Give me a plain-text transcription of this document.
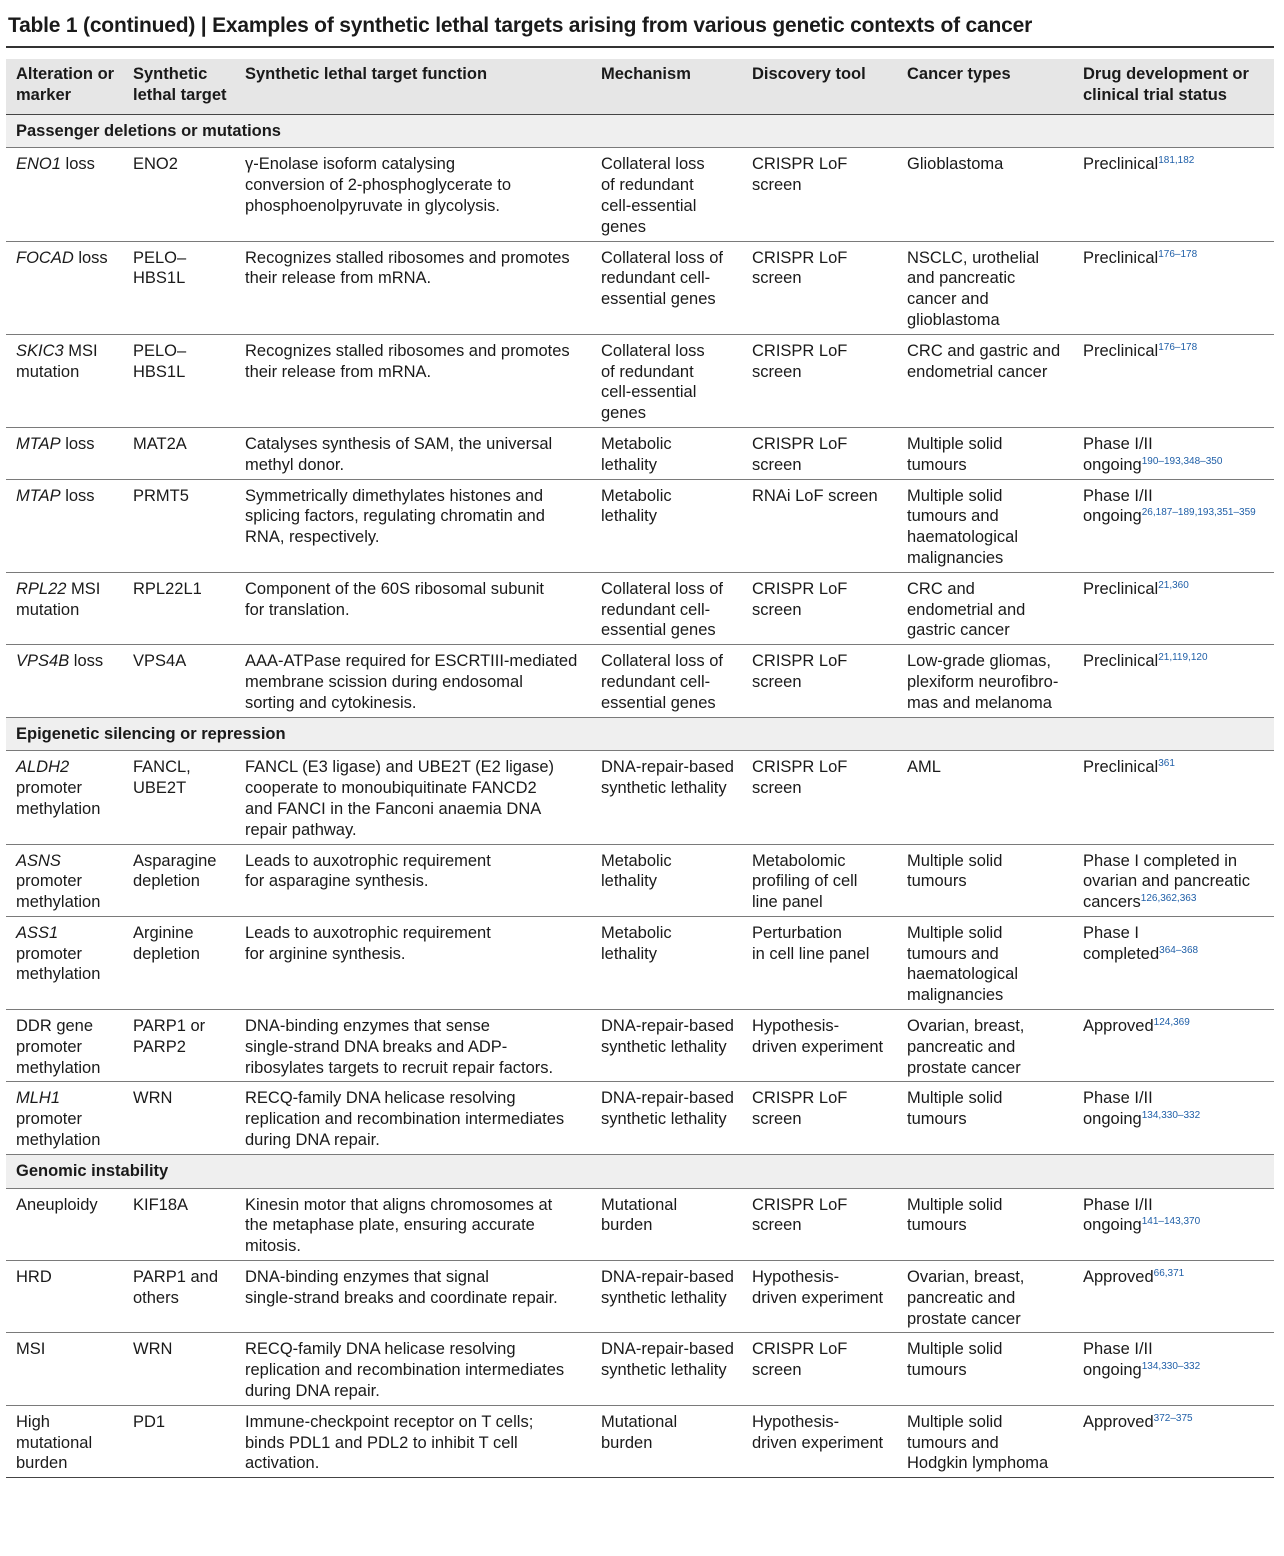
Table 1 (continued) | Examples of synthetic lethal targets arising from various genetic contexts of cancer
Alteration or
marker	Synthetic
lethal target	Synthetic lethal target function	Mechanism	Discovery tool	Cancer types	Drug development or
clinical trial status
Passenger deletions or mutations						
ENO1 loss	ENO2	γ-Enolase isoform catalysing
conversion of 2-phosphoglycerate to
phosphoenolpyruvate in glycolysis.	Collateral loss
of redundant
cell-essential
genes	CRISPR LoF
screen	Glioblastoma	Preclinical$^{181,182}$
FOCAD loss	PELO–HBS1L	Recognizes stalled ribosomes and promotes
their release from mRNA.	Collateral loss of
redundant cell-
essential genes	CRISPR LoF
screen	NSCLC, urothelial
and pancreatic
cancer and
glioblastoma	Preclinical$^{176-178}$
SKIC3 MSI
mutation	PELO–HBS1L	Recognizes stalled ribosomes and promotes
their release from mRNA.	Collateral loss
of redundant
cell-essential
genes	CRISPR LoF
screen	CRC and gastric and
endometrial cancer	Preclinical$^{176-178}$
MTAP loss	MAT2A	Catalyses synthesis of SAM, the universal
methyl donor.	Metabolic
lethality	CRISPR LoF
screen	Multiple solid
tumours	Phase I/II
ongoing$^{190-193,348-350}$
MTAP loss	PRMT5	Symmetrically dimethylates histones and
splicing factors, regulating chromatin and
RNA, respectively.	Metabolic
lethality	RNAi LoF screen	Multiple solid
tumours and
haematological
malignancies	Phase I/II
ongoing$^{26,187-189,193,351-359}$
RPL22 MSI
mutation	RPL22L1	Component of the 60S ribosomal subunit
for translation.	Collateral loss of
redundant cell-
essential genes	CRISPR LoF
screen	CRC and
endometrial and
gastric cancer	Preclinical$^{21,360}$
VPS4B loss	VPS4A	AAA-ATPase required for ESCRTIII-mediated
membrane scission during endosomal
sorting and cytokinesis.	Collateral loss of
redundant cell-
essential genes	CRISPR LoF
screen	Low-grade gliomas,
plexiform neurofibro-
mas and melanoma	Preclinical$^{21,119,120}$
Epigenetic silencing or repression						
ALDH2
promoter
methylation	FANCL,
UBE2T	FANCL (E3 ligase) and UBE2T (E2 ligase)
cooperate to monoubiquitinate FANCD2
and FANCI in the Fanconi anaemia DNA
repair pathway.	DNA-repair-based
synthetic lethality	CRISPR LoF
screen	AML	Preclinical$^{361}$
ASNS
promoter
methylation	Asparagine
depletion	Leads to auxotrophic requirement
for asparagine synthesis.	Metabolic
lethality	Metabolomic
profiling of cell
line panel	Multiple solid
tumours	Phase I completed in
ovarian and pancreatic
cancers$^{126,362,363}$
ASS1
promoter
methylation	Arginine
depletion	Leads to auxotrophic requirement
for arginine synthesis.	Metabolic
lethality	Perturbation
in cell line panel	Multiple solid
tumours and
haematological
malignancies	Phase I
completed$^{364-368}$
DDR gene
promoter
methylation	PARP1 or
PARP2	DNA-binding enzymes that sense
single-strand DNA breaks and ADP-
ribosylates targets to recruit repair factors.	DNA-repair-based
synthetic lethality	Hypothesis-
driven experiment	Ovarian, breast,
pancreatic and
prostate cancer	Approved$^{124,369}$
MLH1
promoter
methylation	WRN	RECQ-family DNA helicase resolving
replication and recombination intermediates
during DNA repair.	DNA-repair-based
synthetic lethality	CRISPR LoF
screen	Multiple solid
tumours	Phase I/II
ongoing$^{134,330-332}$
Genomic instability						
Aneuploidy	KIF18A	Kinesin motor that aligns chromosomes at
the metaphase plate, ensuring accurate
mitosis.	Mutational
burden	CRISPR LoF
screen	Multiple solid
tumours	Phase I/II
ongoing$^{141-143,370}$
HRD	PARP1 and
others	DNA-binding enzymes that signal
single-strand breaks and coordinate repair.	DNA-repair-based
synthetic lethality	Hypothesis-
driven experiment	Ovarian, breast,
pancreatic and
prostate cancer	Approved$^{66,371}$
MSI	WRN	RECQ-family DNA helicase resolving
replication and recombination intermediates
during DNA repair.	DNA-repair-based
synthetic lethality	CRISPR LoF
screen	Multiple solid
tumours	Phase I/II
ongoing$^{134,330-332}$
High
mutational
burden	PD1	Immune-checkpoint receptor on T cells;
binds PDL1 and PDL2 to inhibit T cell
activation.	Mutational
burden	Hypothesis-
driven experiment	Multiple solid
tumours and
Hodgkin lymphoma	Approved$^{372-375}$
